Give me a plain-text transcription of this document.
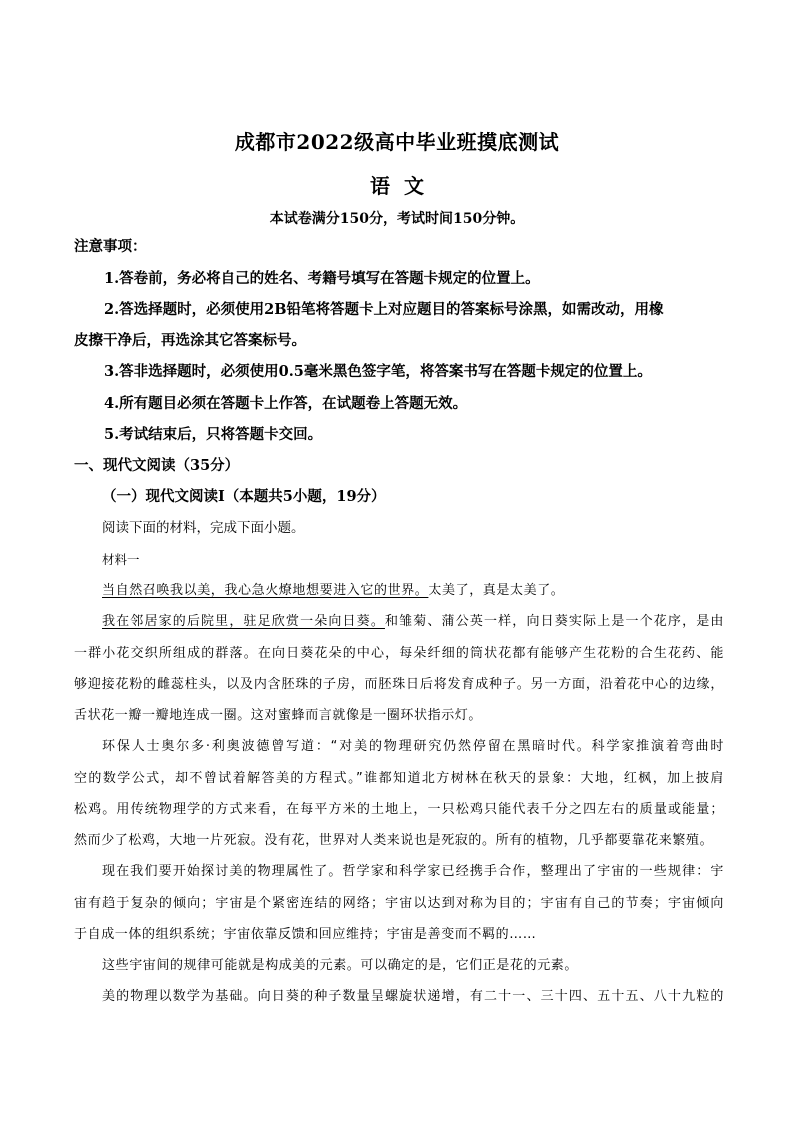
成都市2022级高中毕业班摸底测试
语文
本试卷满分150分，考试时间150分钟。
注意事项：
1.答卷前，务必将自己的姓名、考籍号填写在答题卡规定的位置上。
2.答选择题时，必须使用2B铅笔将答题卡上对应题目的答案标号涂黑，如需改动，用橡
皮擦干净后，再选涂其它答案标号。
3.答非选择题时，必须使用0.5毫米黑色签字笔，将答案书写在答题卡规定的位置上。
4.所有题目必须在答题卡上作答，在试题卷上答题无效。
5.考试结束后，只将答题卡交回。
一、现代文阅读（35分）
（一）现代文阅读Ⅰ（本题共5小题，19分）
阅读下面的材料，完成下面小题。
材料一
当自然召唤我以美，我心急火燎地想要进入它的世界。太美了，真是太美了。
我在邻居家的后院里，驻足欣赏一朵向日葵。和雏菊、蒲公英一样，向日葵实际上是一个花序，是由
一群小花交织所组成的群落。在向日葵花朵的中心，每朵纤细的筒状花都有能够产生花粉的合生花药、能
够迎接花粉的雌蕊柱头，以及内含胚珠的子房，而胚珠日后将发育成种子。另一方面，沿着花中心的边缘，
舌状花一瓣一瓣地连成一圈。这对蜜蜂而言就像是一圈环状指示灯。
环保人士奥尔多·利奥波德曾写道：“对美的物理研究仍然停留在黑暗时代。科学家推演着弯曲时
空的数学公式，却不曾试着解答美的方程式。”谁都知道北方树林在秋天的景象：大地，红枫，加上披肩
松鸡。用传统物理学的方式来看，在每平方米的土地上，一只松鸡只能代表千分之四左右的质量或能量；
然而少了松鸡，大地一片死寂。没有花，世界对人类来说也是死寂的。所有的植物，几乎都要靠花来繁殖。
现在我们要开始探讨美的物理属性了。哲学家和科学家已经携手合作，整理出了宇宙的一些规律：宇
宙有趋于复杂的倾向；宇宙是个紧密连结的网络；宇宙以达到对称为目的；宇宙有自己的节奏；宇宙倾向
于自成一体的组织系统；宇宙依靠反馈和回应维持；宇宙是善变而不羁的……
这些宇宙间的规律可能就是构成美的元素。可以确定的是，它们正是花的元素。
美的物理以数学为基础。向日葵的种子数量呈螺旋状递增，有二十一、三十四、五十五、八十九粒的
